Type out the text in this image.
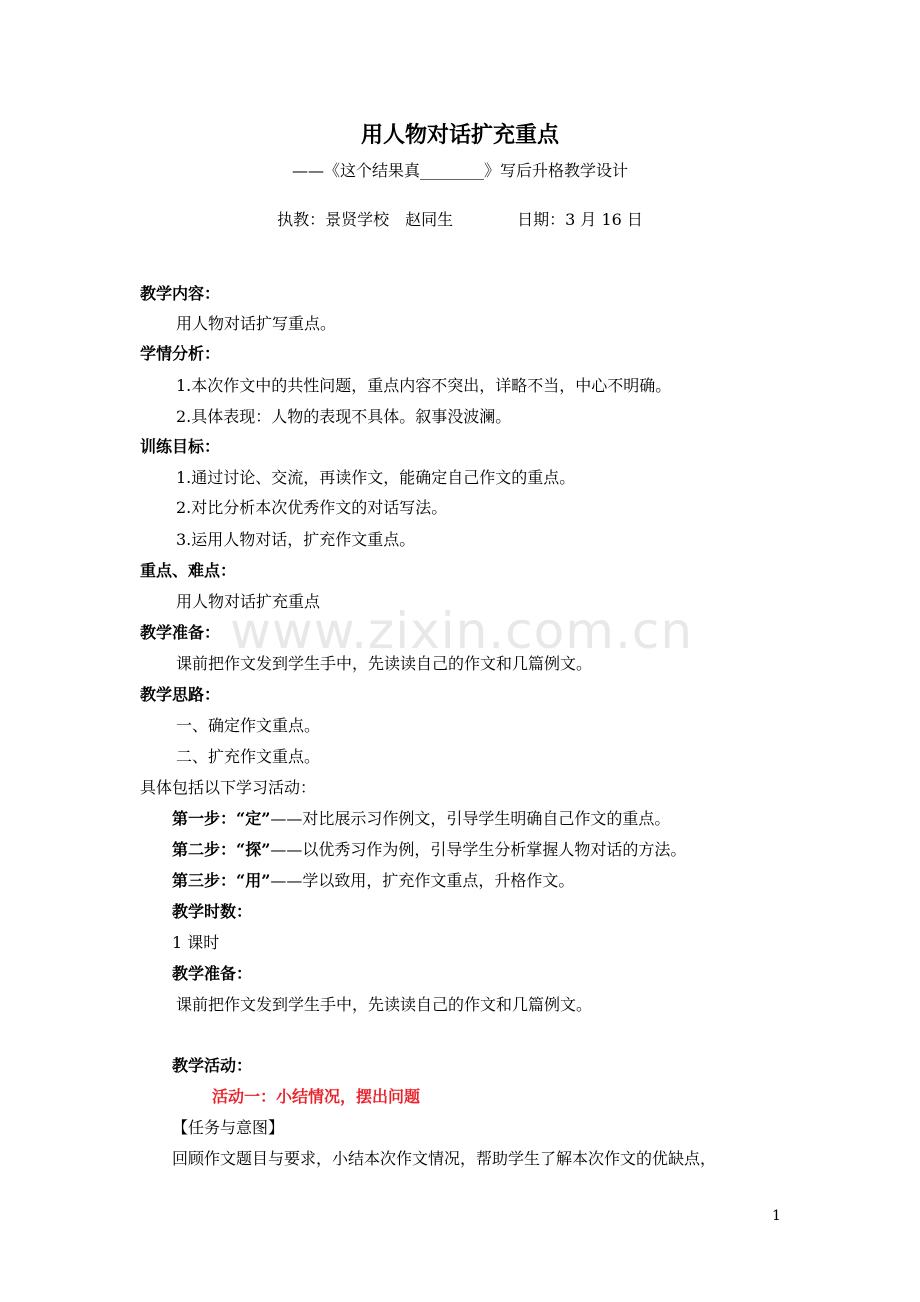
用人物对话扩充重点
——《这个结果真________》写后升格教学设计
执教：景贤学校　赵同生　　　　日期：3 月 16 日
教学内容：
用人物对话扩写重点。
学情分析：
1.本次作文中的共性问题，重点内容不突出，详略不当，中心不明确。
2.具体表现：人物的表现不具体。叙事没波澜。
训练目标：
1.通过讨论、交流，再读作文，能确定自己作文的重点。
2.对比分析本次优秀作文的对话写法。
3.运用人物对话，扩充作文重点。
重点、难点：
用人物对话扩充重点
教学准备：
课前把作文发到学生手中，先读读自己的作文和几篇例文。
教学思路：
一、确定作文重点。
二、扩充作文重点。
具体包括以下学习活动：
第一步：“定”——对比展示习作例文，引导学生明确自己作文的重点。
第二步：“探”——以优秀习作为例，引导学生分析掌握人物对话的方法。
第三步：“用”——学以致用，扩充作文重点，升格作文。
教学时数：
1 课时
教学准备：
课前把作文发到学生手中，先读读自己的作文和几篇例文。
教学活动：
活动一：小结情况，摆出问题
【任务与意图】
回顾作文题目与要求，小结本次作文情况，帮助学生了解本次作文的优缺点，
www.zixin.com.cn
1
